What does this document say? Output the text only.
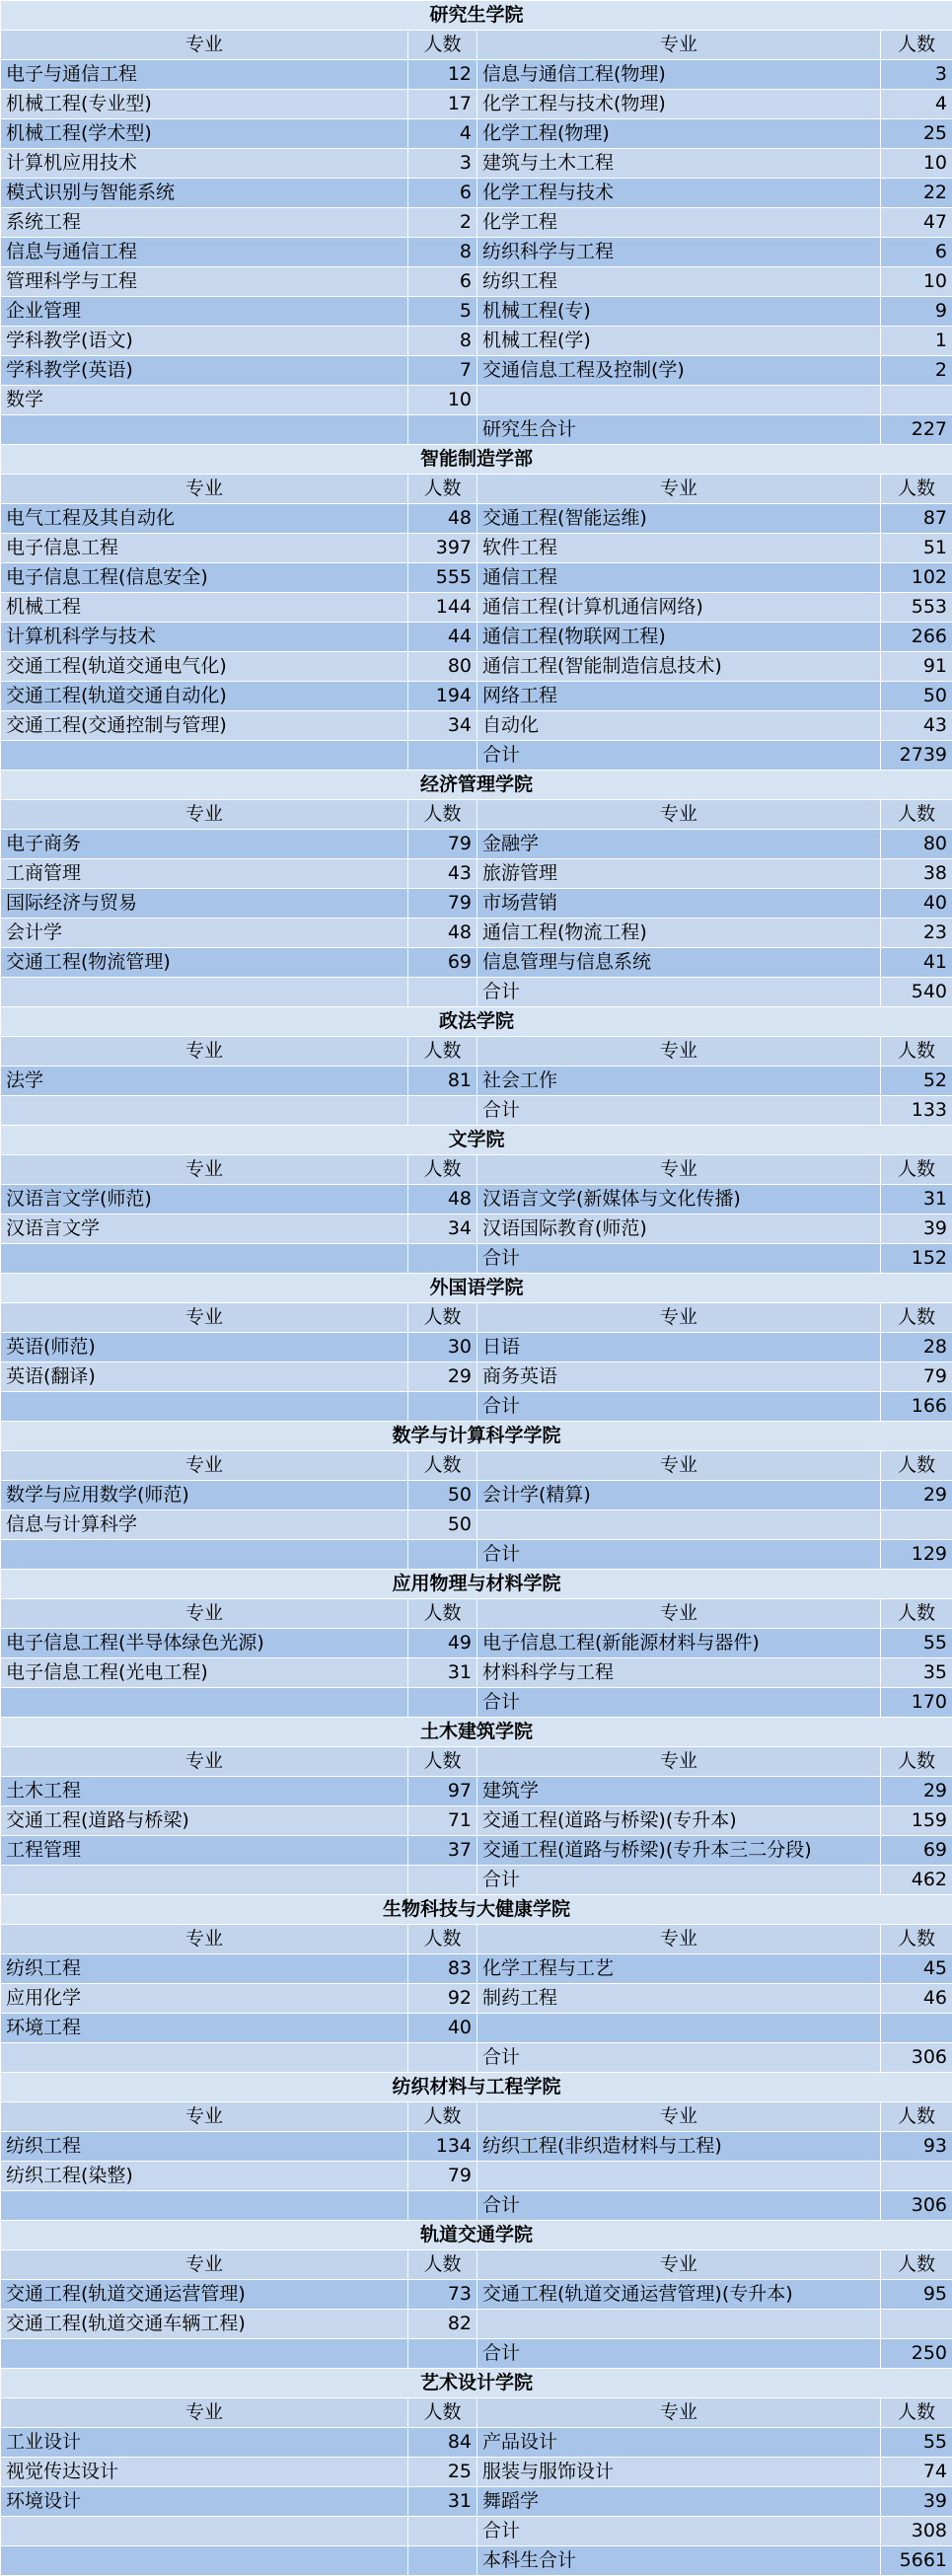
研究生学院			
专业	人数	专业	人数
电子与通信工程	12	信息与通信工程(物理)	3
机械工程(专业型)	17	化学工程与技术(物理)	4
机械工程(学术型)	4	化学工程(物理)	25
计算机应用技术	3	建筑与土木工程	10
模式识别与智能系统	6	化学工程与技术	22
系统工程	2	化学工程	47
信息与通信工程	8	纺织科学与工程	6
管理科学与工程	6	纺织工程	10
企业管理	5	机械工程(专)	9
学科教学(语文)	8	机械工程(学)	1
学科教学(英语)	7	交通信息工程及控制(学)	2
数学	10		
		研究生合计	227
智能制造学部			
专业	人数	专业	人数
电气工程及其自动化	48	交通工程(智能运维)	87
电子信息工程	397	软件工程	51
电子信息工程(信息安全)	555	通信工程	102
机械工程	144	通信工程(计算机通信网络)	553
计算机科学与技术	44	通信工程(物联网工程)	266
交通工程(轨道交通电气化)	80	通信工程(智能制造信息技术)	91
交通工程(轨道交通自动化)	194	网络工程	50
交通工程(交通控制与管理)	34	自动化	43
		合计	2739
经济管理学院			
专业	人数	专业	人数
电子商务	79	金融学	80
工商管理	43	旅游管理	38
国际经济与贸易	79	市场营销	40
会计学	48	通信工程(物流工程)	23
交通工程(物流管理)	69	信息管理与信息系统	41
		合计	540
政法学院			
专业	人数	专业	人数
法学	81	社会工作	52
		合计	133
文学院			
专业	人数	专业	人数
汉语言文学(师范)	48	汉语言文学(新媒体与文化传播)	31
汉语言文学	34	汉语国际教育(师范)	39
		合计	152
外国语学院			
专业	人数	专业	人数
英语(师范)	30	日语	28
英语(翻译)	29	商务英语	79
		合计	166
数学与计算科学学院			
专业	人数	专业	人数
数学与应用数学(师范)	50	会计学(精算)	29
信息与计算科学	50		
		合计	129
应用物理与材料学院			
专业	人数	专业	人数
电子信息工程(半导体绿色光源)	49	电子信息工程(新能源材料与器件)	55
电子信息工程(光电工程)	31	材料科学与工程	35
		合计	170
土木建筑学院			
专业	人数	专业	人数
土木工程	97	建筑学	29
交通工程(道路与桥梁)	71	交通工程(道路与桥梁)(专升本)	159
工程管理	37	交通工程(道路与桥梁)(专升本三二分段)	69
		合计	462
生物科技与大健康学院			
专业	人数	专业	人数
纺织工程	83	化学工程与工艺	45
应用化学	92	制药工程	46
环境工程	40		
		合计	306
纺织材料与工程学院			
专业	人数	专业	人数
纺织工程	134	纺织工程(非织造材料与工程)	93
纺织工程(染整)	79		
		合计	306
轨道交通学院			
专业	人数	专业	人数
交通工程(轨道交通运营管理)	73	交通工程(轨道交通运营管理)(专升本)	95
交通工程(轨道交通车辆工程)	82		
		合计	250
艺术设计学院			
专业	人数	专业	人数
工业设计	84	产品设计	55
视觉传达设计	25	服装与服饰设计	74
环境设计	31	舞蹈学	39
		合计	308
		本科生合计	5661
